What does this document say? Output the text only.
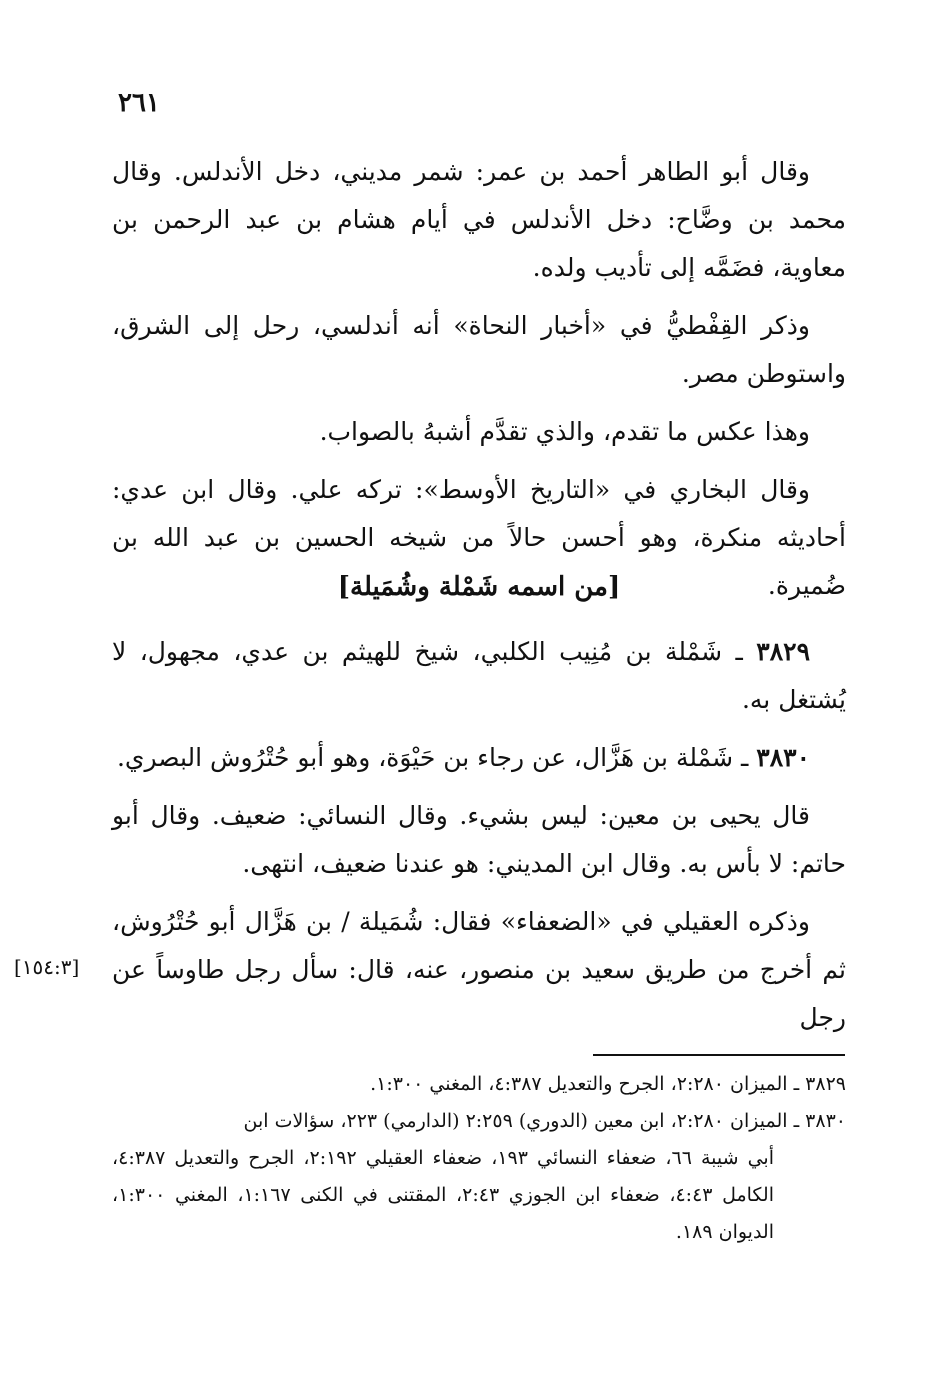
٢٦١

وقال أبو الطاهر أحمد بن عمر: شمر مديني، دخل الأندلس. وقال محمد بن وضَّاح: دخل الأندلس في أيام هشام بن عبد الرحمن بن معاوية، فضَمَّه إلى تأديب ولده.

وذكر القِفْطيُّ في «أخبار النحاة» أنه أندلسي، رحل إلى الشرق، واستوطن مصر.

وهذا عكس ما تقدم، والذي تقدَّم أشبهُ بالصواب.

وقال البخاري في «التاريخ الأوسط»: تركه علي. وقال ابن عدي: أحاديثه منكرة، وهو أحسن حالاً من شيخه الحسين بن عبد الله بن ضُميرة.

[من اسمه شَمْلة وشُمَيلة]

٣٨٢٩ ـ شَمْلة بن مُنِيب الكلبي، شيخ للهيثم بن عدي، مجهول، لا يُشتغل به.

٣٨٣٠ ـ شَمْلة بن هَزَّال، عن رجاء بن حَيْوَة، وهو أبو حُتْرُوش البصري.

قال يحيى بن معين: ليس بشيء. وقال النسائي: ضعيف. وقال أبو حاتم: لا بأس به. وقال ابن المديني: هو عندنا ضعيف، انتهى.

وذكره العقيلي في «الضعفاء» فقال: شُمَيلة / بن هَزَّال أبو حُتْرُوش، ثم أخرج من طريق سعيد بن منصور، عنه، قال: سأل رجل طاوساً عن رجل

[١٥٤:٣]

٣٨٢٩ ـ الميزان ٢:٢٨٠، الجرح والتعديل ٤:٣٨٧، المغني ١:٣٠٠.

٣٨٣٠ ـ الميزان ٢:٢٨٠، ابن معين (الدوري) ٢:٢٥٩ (الدارمي) ٢٢٣، سؤالات ابن

أبي شيبة ٦٦، ضعفاء النسائي ١٩٣، ضعفاء العقيلي ٢:١٩٢، الجرح والتعديل ٤:٣٨٧، الكامل ٤:٤٣، ضعفاء ابن الجوزي ٢:٤٣، المقتنى في الكنى ١:١٦٧، المغني ١:٣٠٠، الديوان ١٨٩.
